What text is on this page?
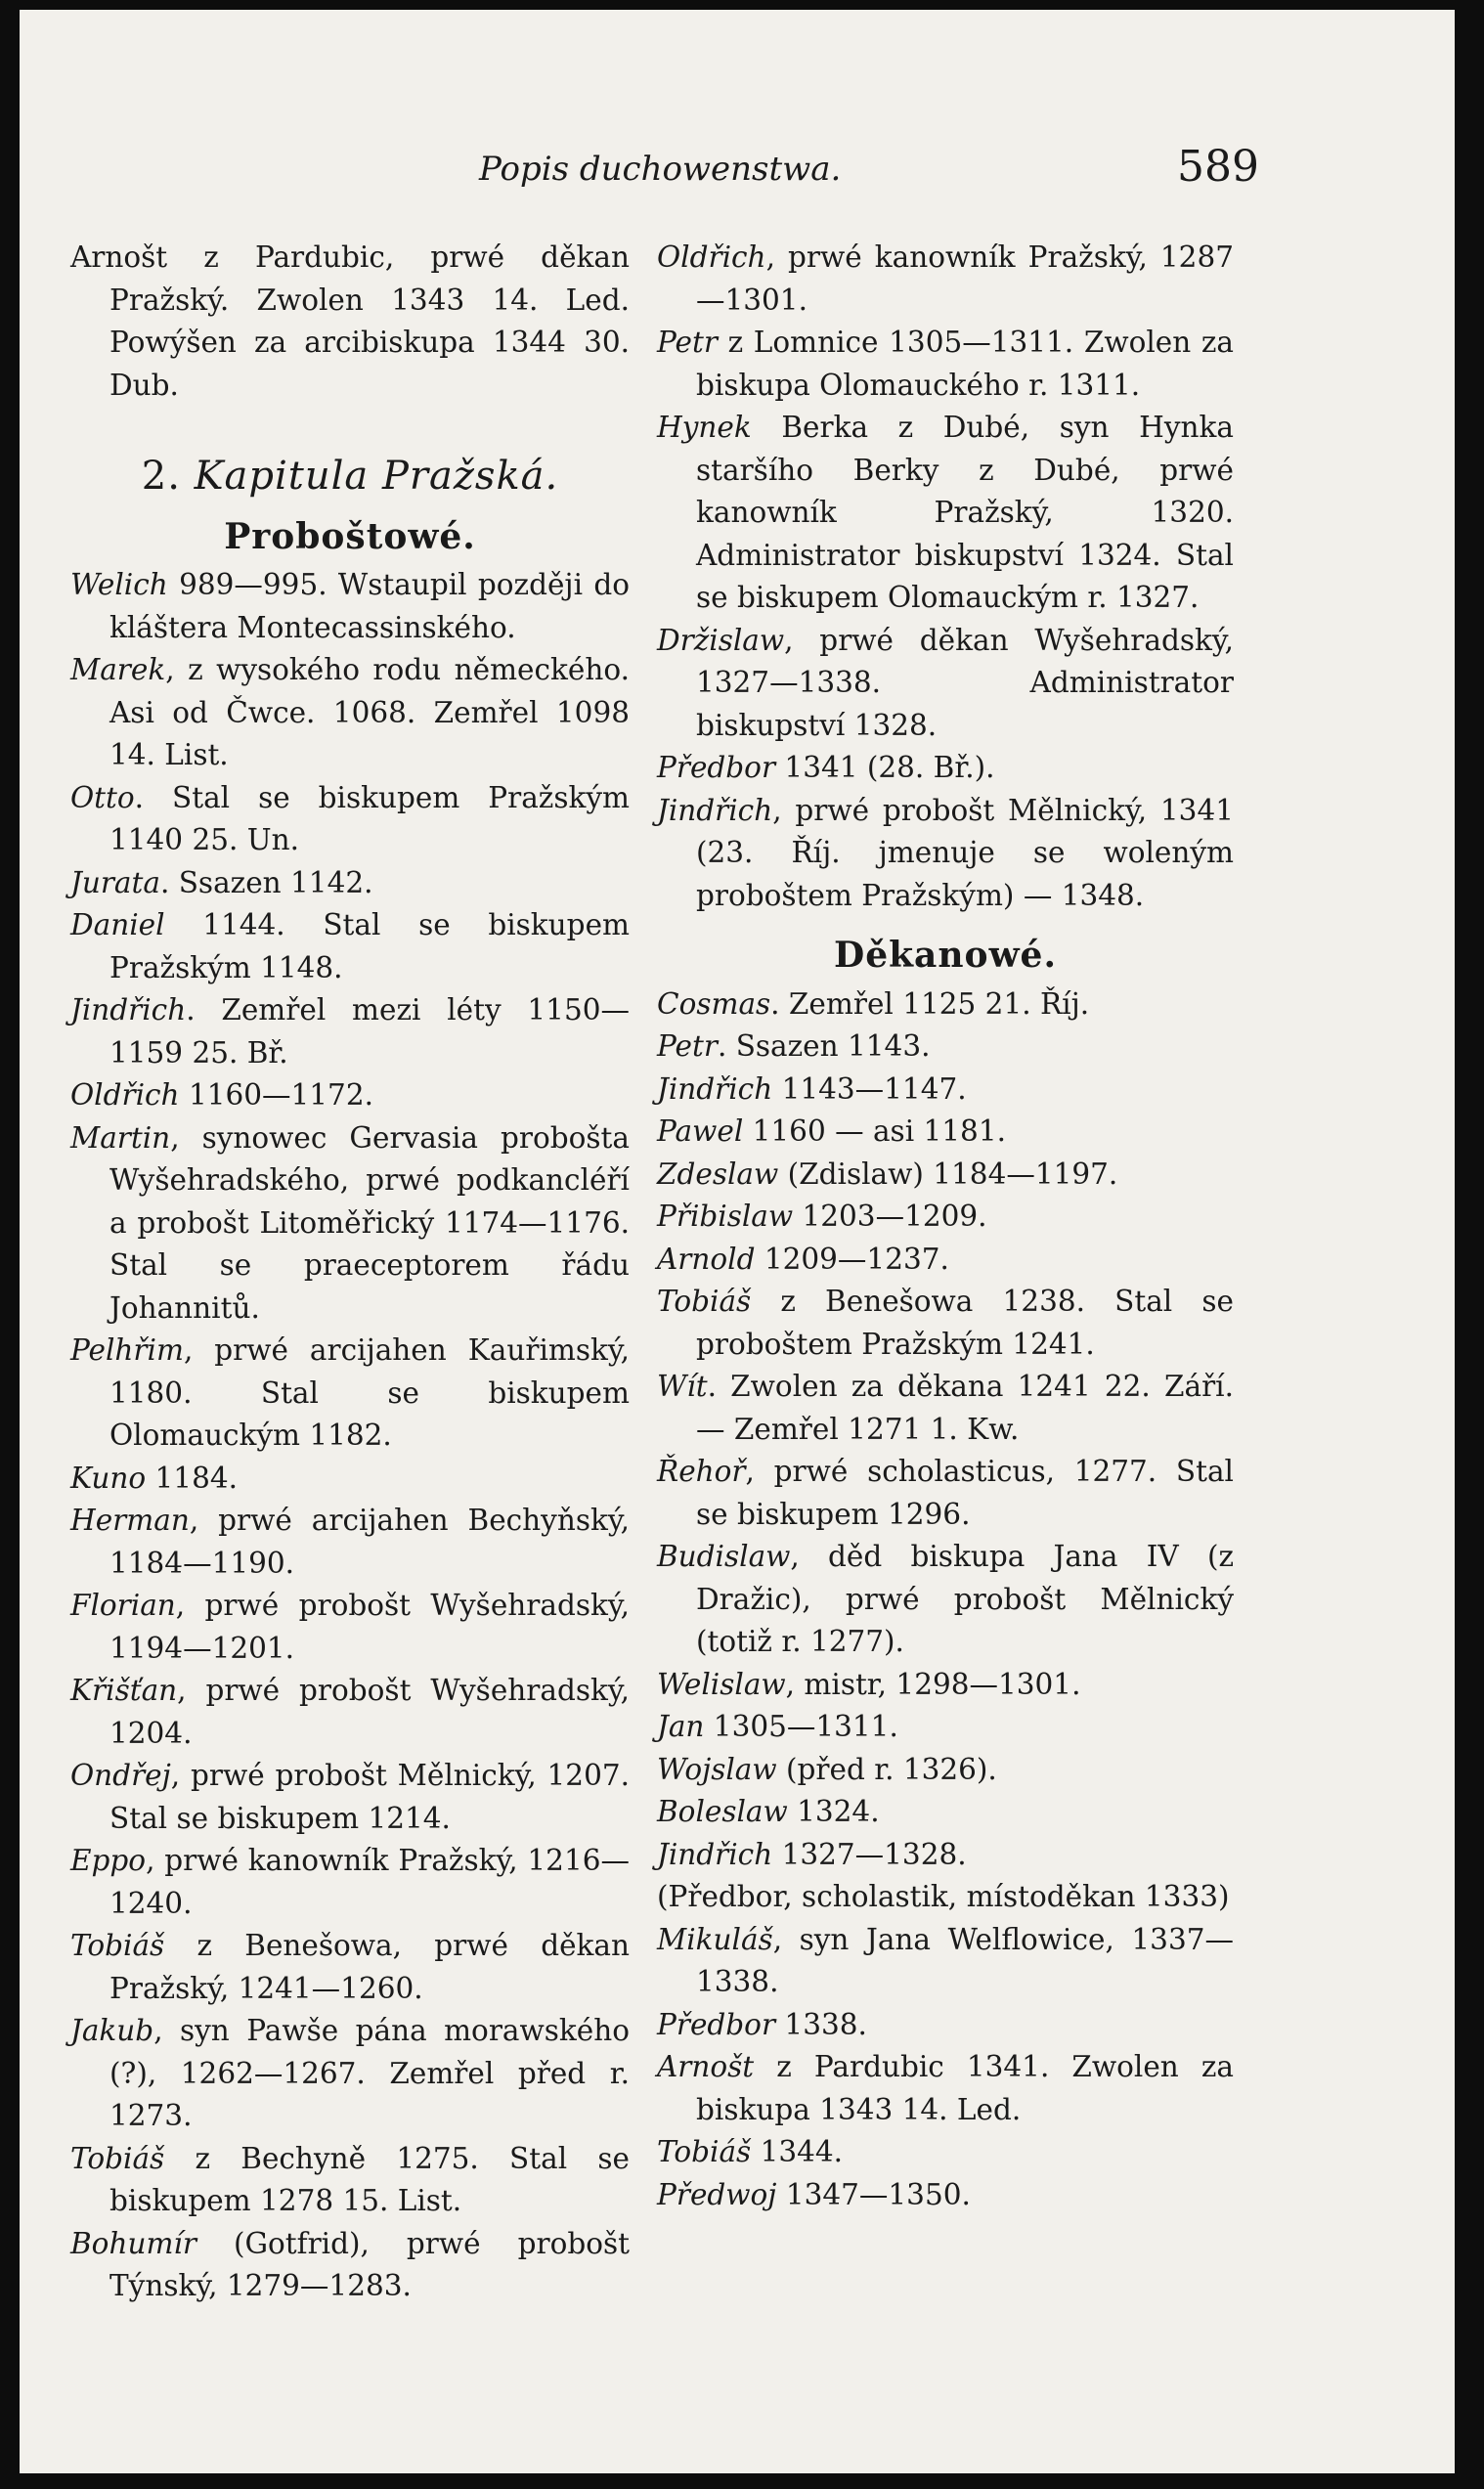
Popis duchowenstwa.	589
Arnošt z Pardubic, prwé děkan Pražský. Zwolen 1343 14. Led. Powýšen za arcibiskupa 1344 30. Dub.
2. Kapitula Pražská.
Proboštowé.
Welich 989—995. Wstaupil později do kláštera Montecassinského.
Marek, z wysokého rodu německého. Asi od Čwce. 1068. Zemřel 1098 14. List.
Otto. Stal se biskupem Pražským 1140 25. Un.
Jurata. Ssazen 1142.
Daniel 1144. Stal se biskupem Pražským 1148.
Jindřich. Zemřel mezi léty 1150—1159 25. Bř.
Oldřich 1160—1172.
Martin, synowec Gervasia probošta Wyšehradského, prwé podkancléří a probošt Litoměřický 1174—1176. Stal se praeceptorem řádu Johannitů.
Pelhřim, prwé arcijahen Kauřimský, 1180. Stal se biskupem Olomauckým 1182.
Kuno 1184.
Herman, prwé arcijahen Bechyňský, 1184—1190.
Florian, prwé probošt Wyšehradský, 1194—1201.
Křišťan, prwé probošt Wyšehradský, 1204.
Ondřej, prwé probošt Mělnický, 1207. Stal se biskupem 1214.
Eppo, prwé kanowník Pražský, 1216—1240.
Tobiáš z Benešowa, prwé děkan Pražský, 1241—1260.
Jakub, syn Pawše pána morawského (?), 1262—1267. Zemřel před r. 1273.
Tobiáš z Bechyně 1275. Stal se biskupem 1278 15. List.
Bohumír (Gotfrid), prwé probošt Týnský, 1279—1283.
Oldřich, prwé kanowník Pražský, 1287—1301.
Petr z Lomnice 1305—1311. Zwolen za biskupa Olomauckého r. 1311.
Hynek Berka z Dubé, syn Hynka staršího Berky z Dubé, prwé kanowník Pražský, 1320. Administrator biskupství 1324. Stal se biskupem Olomauckým r. 1327.
Držislaw, prwé děkan Wyšehradský, 1327—1338. Administrator biskupství 1328.
Předbor 1341 (28. Bř.).
Jindřich, prwé probošt Mělnický, 1341 (23. Říj. jmenuje se woleným proboštem Pražským) — 1348.
Děkanowé.
Cosmas. Zemřel 1125 21. Říj.
Petr. Ssazen 1143.
Jindřich 1143—1147.
Pawel 1160 — asi 1181.
Zdeslaw (Zdislaw) 1184—1197.
Přibislaw 1203—1209.
Arnold 1209—1237.
Tobiáš z Benešowa 1238. Stal se proboštem Pražským 1241.
Wít. Zwolen za děkana 1241 22. Září. — Zemřel 1271 1. Kw.
Řehoř, prwé scholasticus, 1277. Stal se biskupem 1296.
Budislaw, děd biskupa Jana IV (z Dražic), prwé probošt Mělnický (totiž r. 1277).
Welislaw, mistr, 1298—1301.
Jan 1305—1311.
Wojslaw (před r. 1326).
Boleslaw 1324.
Jindřich 1327—1328.
(Předbor, scholastik, místoděkan 1333)
Mikuláš, syn Jana Welflowice, 1337—1338.
Předbor 1338.
Arnošt z Pardubic 1341. Zwolen za biskupa 1343 14. Led.
Tobiáš 1344.
Předwoj 1347—1350.
